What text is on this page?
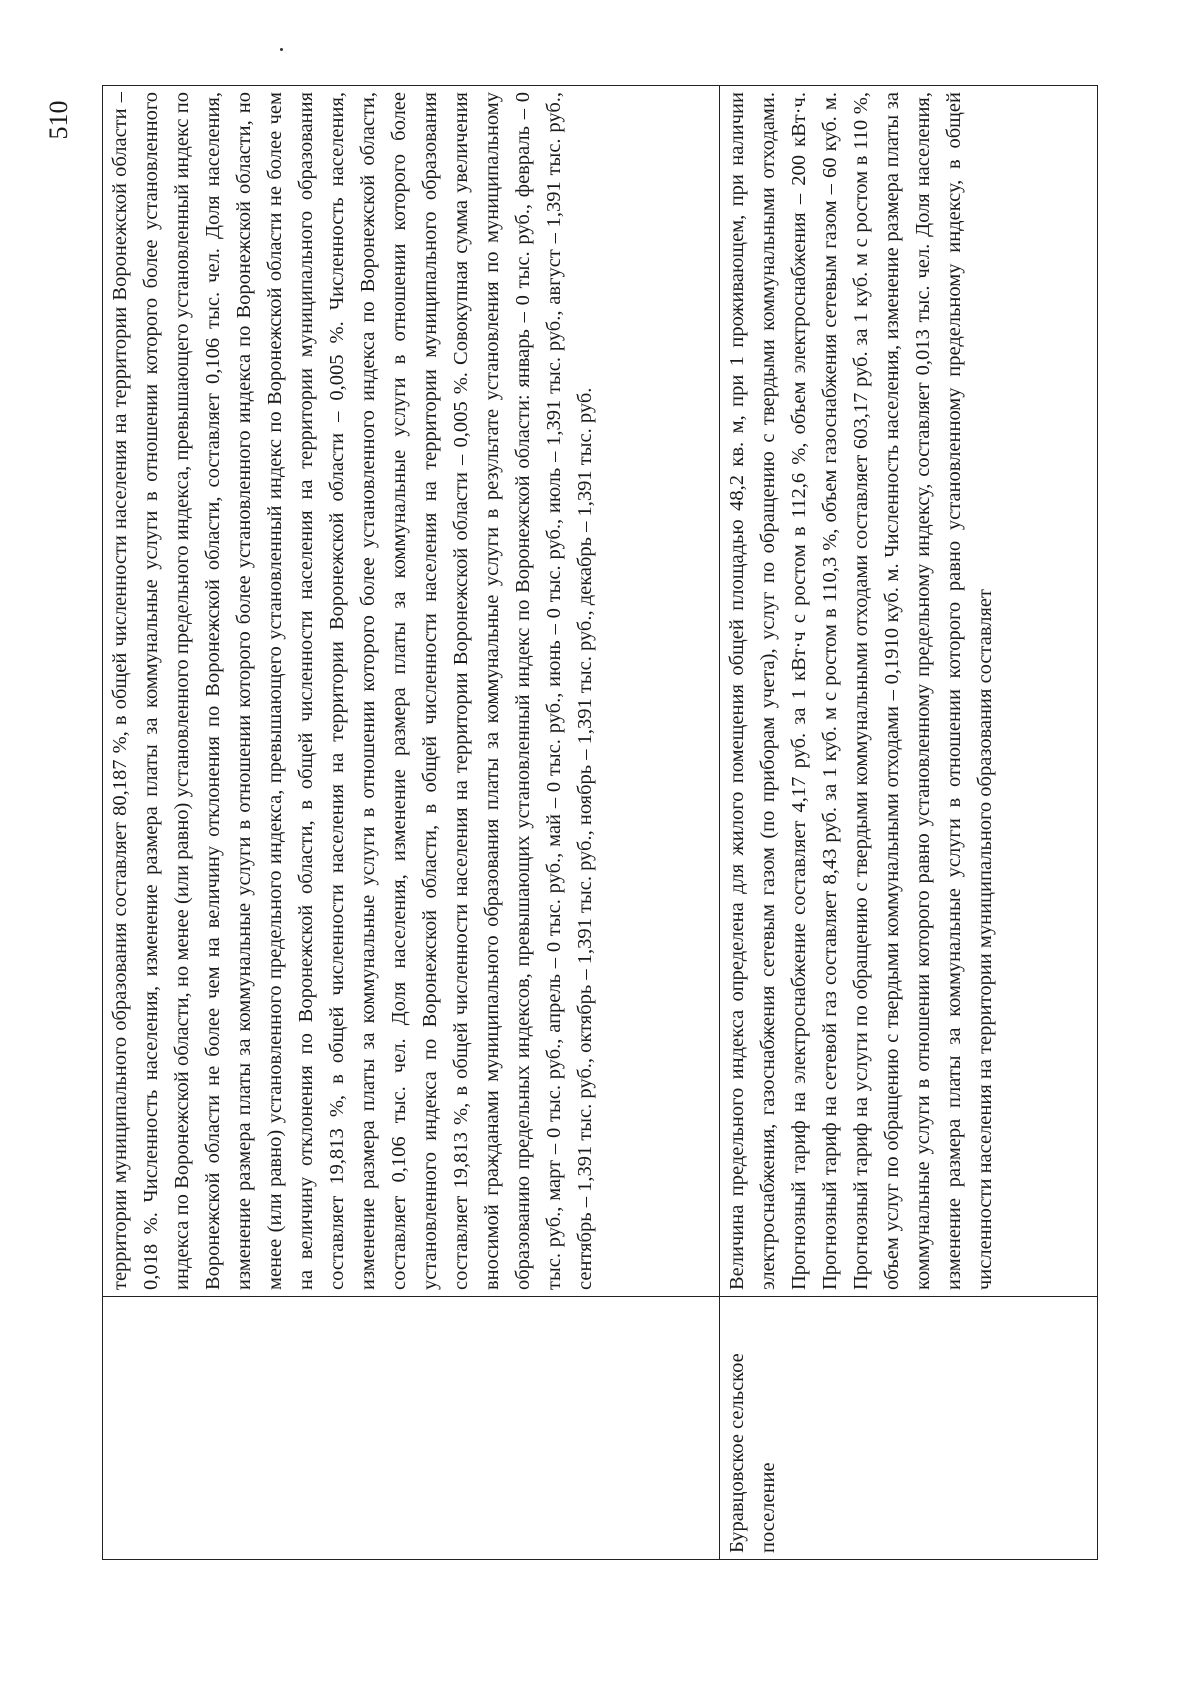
510
	территории муниципального образования составляет 80,187 %, в общей численности населения на территории Воронежской области – 0,018 %. Численность населения, изменение размера платы за коммунальные услуги в отношении которого более установленного индекса по Воронежской области, но менее (или равно) установленного предельного индекса, превышающего установленный индекс по Воронежской области не более чем на величину отклонения по Воронежской области, составляет 0,106 тыс. чел. Доля населения, изменение размера платы за коммунальные услуги в отношении которого более установленного индекса по Воронежской области, но менее (или равно) установленного предельного индекса, превышающего установленный индекс по Воронежской области не более чем на величину отклонения по Воронежской области, в общей численности населения на территории муниципального образования составляет 19,813 %, в общей численности населения на территории Воронежской области – 0,005 %. Численность населения, изменение размера платы за коммунальные услуги в отношении которого более установленного индекса по Воронежской области, составляет 0,106 тыс. чел. Доля населения, изменение размера платы за коммунальные услуги в отношении которого более установленного индекса по Воронежской области, в общей численности населения на территории муниципального образования составляет 19,813 %, в общей численности населения на территории Воронежской области – 0,005 %. Совокупная сумма увеличения вносимой гражданами муниципального образования платы за коммунальные услуги в результате установления по муниципальному образованию предельных индексов, превышающих установленный индекс по Воронежской области: январь – 0 тыс. руб., февраль – 0 тыс. руб., март – 0 тыс. руб., апрель – 0 тыс. руб., май – 0 тыс. руб., июнь – 0 тыс. руб., июль – 1,391 тыс. руб., август – 1,391 тыс. руб., сентябрь – 1,391 тыс. руб., октябрь – 1,391 тыс. руб., ноябрь – 1,391 тыс. руб., декабрь – 1,391 тыс. руб.
Буравцовское сельское поселение	Величина предельного индекса определена для жилого помещения общей площадью 48,2 кв. м, при 1 проживающем, при наличии электроснабжения, газоснабжения сетевым газом (по приборам учета), услуг по обращению с твердыми коммунальными отходами. Прогнозный тариф на электроснабжение составляет 4,17 руб. за 1 кВт·ч с ростом в 112,6 %, объем электроснабжения – 200 кВт·ч. Прогнозный тариф на сетевой газ составляет 8,43 руб. за 1 куб. м с ростом в 110,3 %, объем газоснабжения сетевым газом – 60 куб. м. Прогнозный тариф на услуги по обращению с твердыми коммунальными отходами составляет 603,17 руб. за 1 куб. м с ростом в 110 %, объем услуг по обращению с твердыми коммунальными отходами – 0,1910 куб. м. Численность населения, изменение размера платы за коммунальные услуги в отношении которого равно установленному предельному индексу, составляет 0,013 тыс. чел. Доля населения, изменение размера платы за коммунальные услуги в отношении которого равно установленному предельному индексу, в общей численности населения на территории муниципального образования составляет
